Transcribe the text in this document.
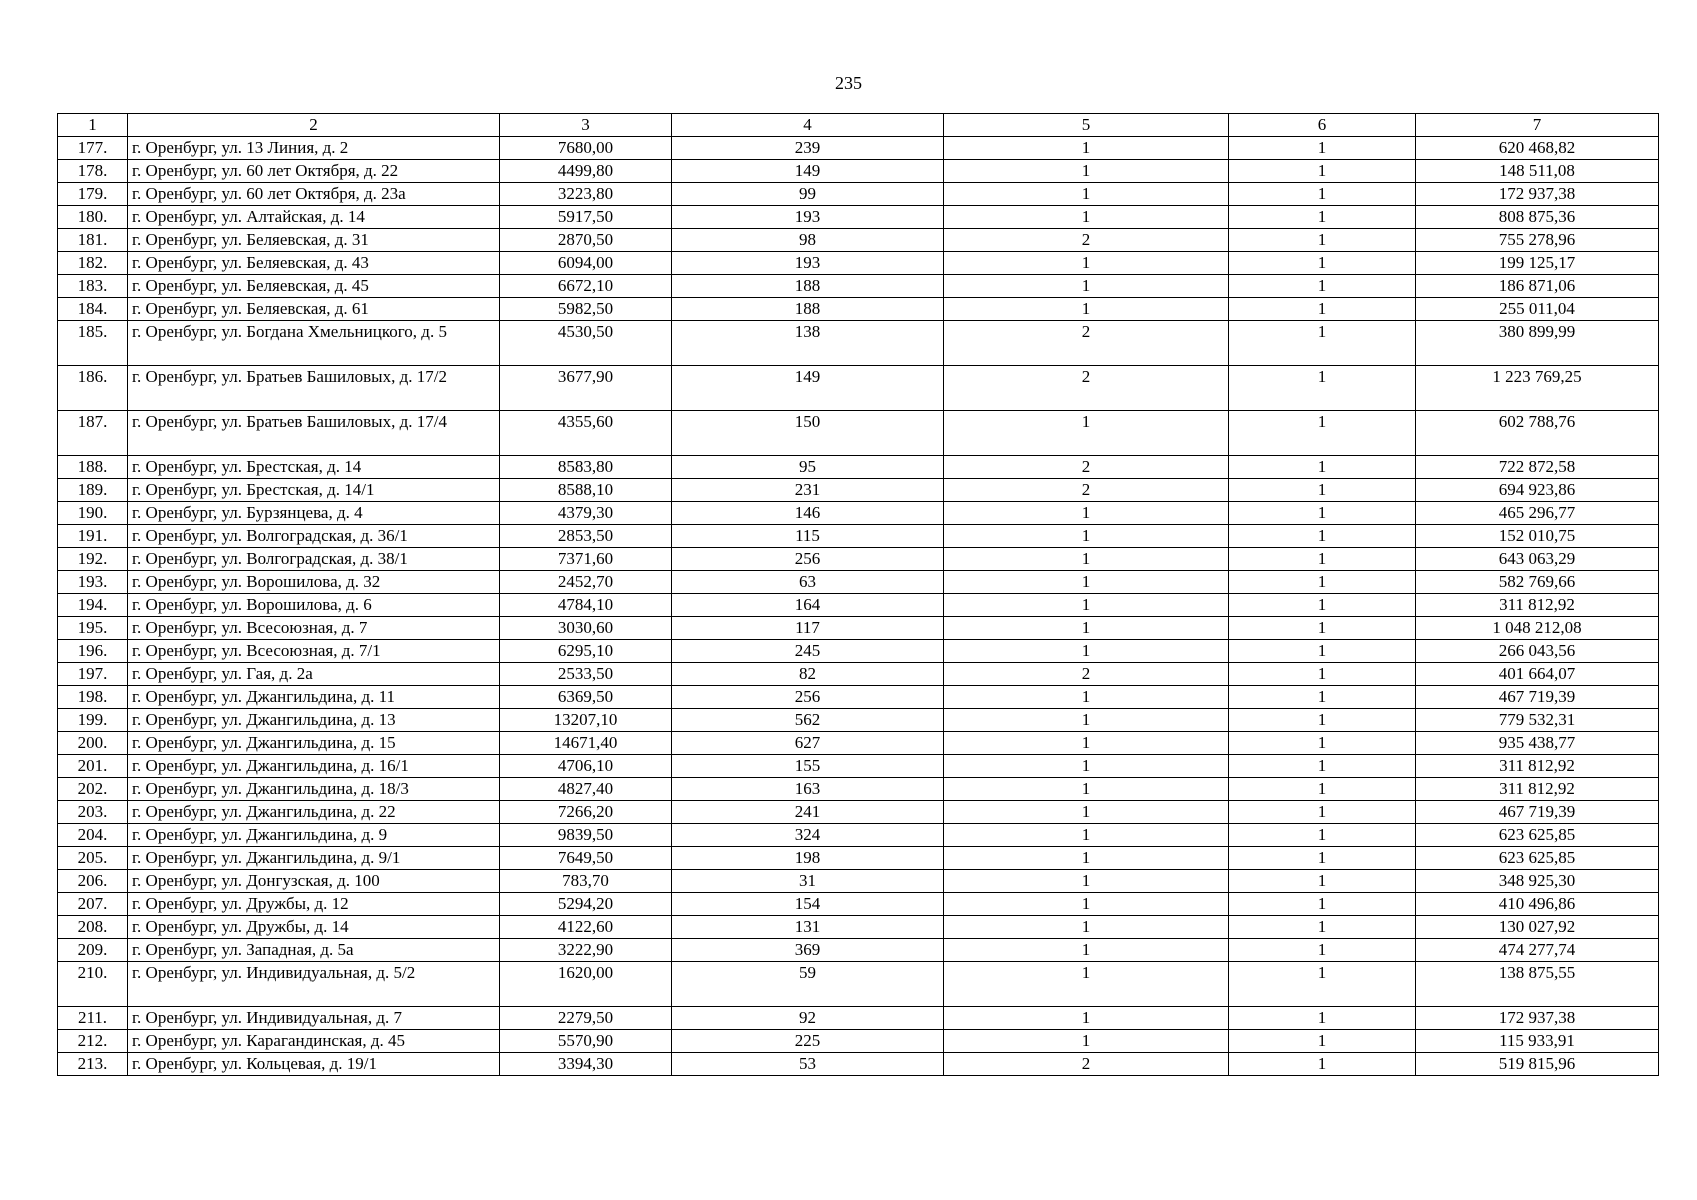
235
1	2	3	4	5	6	7
177.	г. Оренбург, ул. 13 Линия, д. 2	7680,00	239	1	1	620 468,82
178.	г. Оренбург, ул. 60 лет Октября, д. 22	4499,80	149	1	1	148 511,08
179.	г. Оренбург, ул. 60 лет Октября, д. 23а	3223,80	99	1	1	172 937,38
180.	г. Оренбург, ул. Алтайская, д. 14	5917,50	193	1	1	808 875,36
181.	г. Оренбург, ул. Беляевская, д. 31	2870,50	98	2	1	755 278,96
182.	г. Оренбург, ул. Беляевская, д. 43	6094,00	193	1	1	199 125,17
183.	г. Оренбург, ул. Беляевская, д. 45	6672,10	188	1	1	186 871,06
184.	г. Оренбург, ул. Беляевская, д. 61	5982,50	188	1	1	255 011,04
185.	г. Оренбург, ул. Богдана Хмельницкого, д. 5	4530,50	138	2	1	380 899,99
186.	г. Оренбург, ул. Братьев Башиловых, д. 17/2	3677,90	149	2	1	1 223 769,25
187.	г. Оренбург, ул. Братьев Башиловых, д. 17/4	4355,60	150	1	1	602 788,76
188.	г. Оренбург, ул. Брестская, д. 14	8583,80	95	2	1	722 872,58
189.	г. Оренбург, ул. Брестская, д. 14/1	8588,10	231	2	1	694 923,86
190.	г. Оренбург, ул. Бурзянцева, д. 4	4379,30	146	1	1	465 296,77
191.	г. Оренбург, ул. Волгоградская, д. 36/1	2853,50	115	1	1	152 010,75
192.	г. Оренбург, ул. Волгоградская, д. 38/1	7371,60	256	1	1	643 063,29
193.	г. Оренбург, ул. Ворошилова, д. 32	2452,70	63	1	1	582 769,66
194.	г. Оренбург, ул. Ворошилова, д. 6	4784,10	164	1	1	311 812,92
195.	г. Оренбург, ул. Всесоюзная, д. 7	3030,60	117	1	1	1 048 212,08
196.	г. Оренбург, ул. Всесоюзная, д. 7/1	6295,10	245	1	1	266 043,56
197.	г. Оренбург, ул. Гая, д. 2а	2533,50	82	2	1	401 664,07
198.	г. Оренбург, ул. Джангильдина, д. 11	6369,50	256	1	1	467 719,39
199.	г. Оренбург, ул. Джангильдина, д. 13	13207,10	562	1	1	779 532,31
200.	г. Оренбург, ул. Джангильдина, д. 15	14671,40	627	1	1	935 438,77
201.	г. Оренбург, ул. Джангильдина, д. 16/1	4706,10	155	1	1	311 812,92
202.	г. Оренбург, ул. Джангильдина, д. 18/3	4827,40	163	1	1	311 812,92
203.	г. Оренбург, ул. Джангильдина, д. 22	7266,20	241	1	1	467 719,39
204.	г. Оренбург, ул. Джангильдина, д. 9	9839,50	324	1	1	623 625,85
205.	г. Оренбург, ул. Джангильдина, д. 9/1	7649,50	198	1	1	623 625,85
206.	г. Оренбург, ул. Донгузская, д. 100	783,70	31	1	1	348 925,30
207.	г. Оренбург, ул. Дружбы, д. 12	5294,20	154	1	1	410 496,86
208.	г. Оренбург, ул. Дружбы, д. 14	4122,60	131	1	1	130 027,92
209.	г. Оренбург, ул. Западная, д. 5а	3222,90	369	1	1	474 277,74
210.	г. Оренбург, ул. Индивидуальная, д. 5/2	1620,00	59	1	1	138 875,55
211.	г. Оренбург, ул. Индивидуальная, д. 7	2279,50	92	1	1	172 937,38
212.	г. Оренбург, ул. Карагандинская, д. 45	5570,90	225	1	1	115 933,91
213.	г. Оренбург, ул. Кольцевая, д. 19/1	3394,30	53	2	1	519 815,96
